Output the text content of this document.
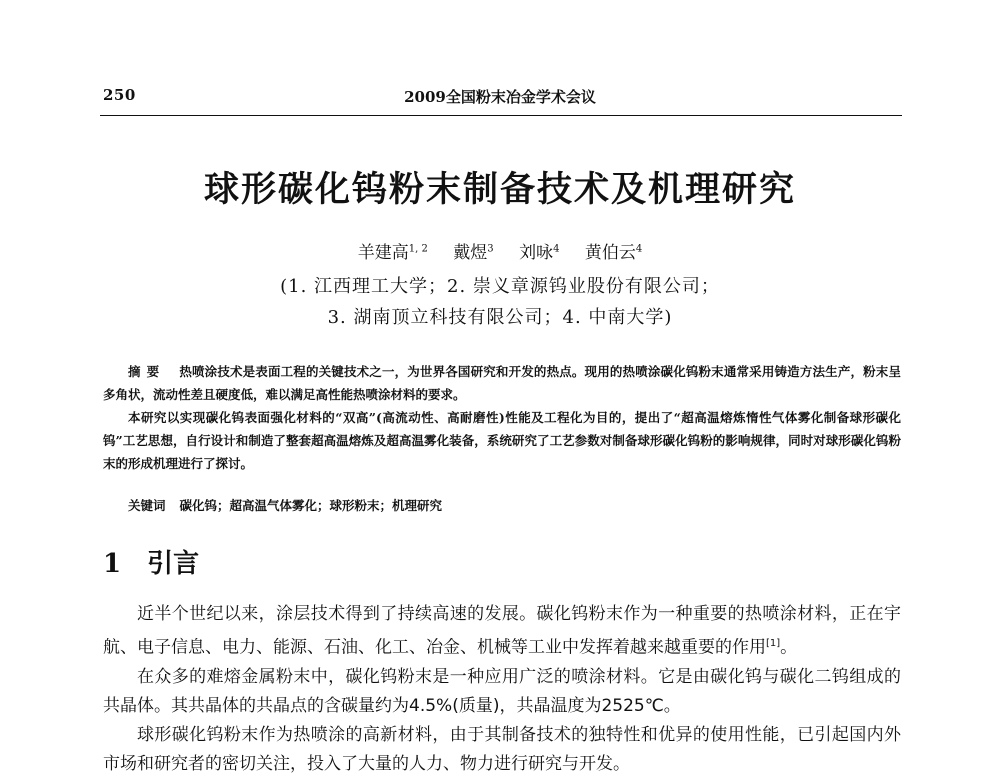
250	2009全国粉末冶金学术会议
球形碳化钨粉末制备技术及机理研究
羊建高$^{1, 2}$ 戴煜$^3$ 刘咏$^4$ 黄伯云$^4$
(1. 江西理工大学；2. 崇义章源钨业股份有限公司；
3. 湖南顶立科技有限公司；4. 中南大学)

摘要 热喷涂技术是表面工程的关键技术之一，为世界各国研究和开发的热点。现用的热喷涂碳化钨粉末通常采用铸造方法生产，粉末呈多角状，流动性差且硬度低，难以满足高性能热喷涂材料的要求。

本研究以实现碳化钨表面强化材料的“双高”(高流动性、高耐磨性)性能及工程化为目的，提出了“超高温熔炼惰性气体雾化制备球形碳化钨”工艺思想，自行设计和制造了整套超高温熔炼及超高温雾化装备，系统研究了工艺参数对制备球形碳化钨粉的影响规律，同时对球形碳化钨粉末的形成机理进行了探讨。

关键词 碳化钨；超高温气体雾化；球形粉末；机理研究
1 引言

近半个世纪以来，涂层技术得到了持续高速的发展。碳化钨粉末作为一种重要的热喷涂材料，正在宇航、电子信息、电力、能源、石油、化工、冶金、机械等工业中发挥着越来越重要的作用[1]。

在众多的难熔金属粉末中，碳化钨粉末是一种应用广泛的喷涂材料。它是由碳化钨与碳化二钨组成的共晶体。其共晶体的共晶点的含碳量约为4.5%(质量)，共晶温度为2525℃。

球形碳化钨粉末作为热喷涂的高新材料，由于其制备技术的独特性和优异的使用性能，已引起国内外市场和研究者的密切关注，投入了大量的人力、物力进行研究与开发。
